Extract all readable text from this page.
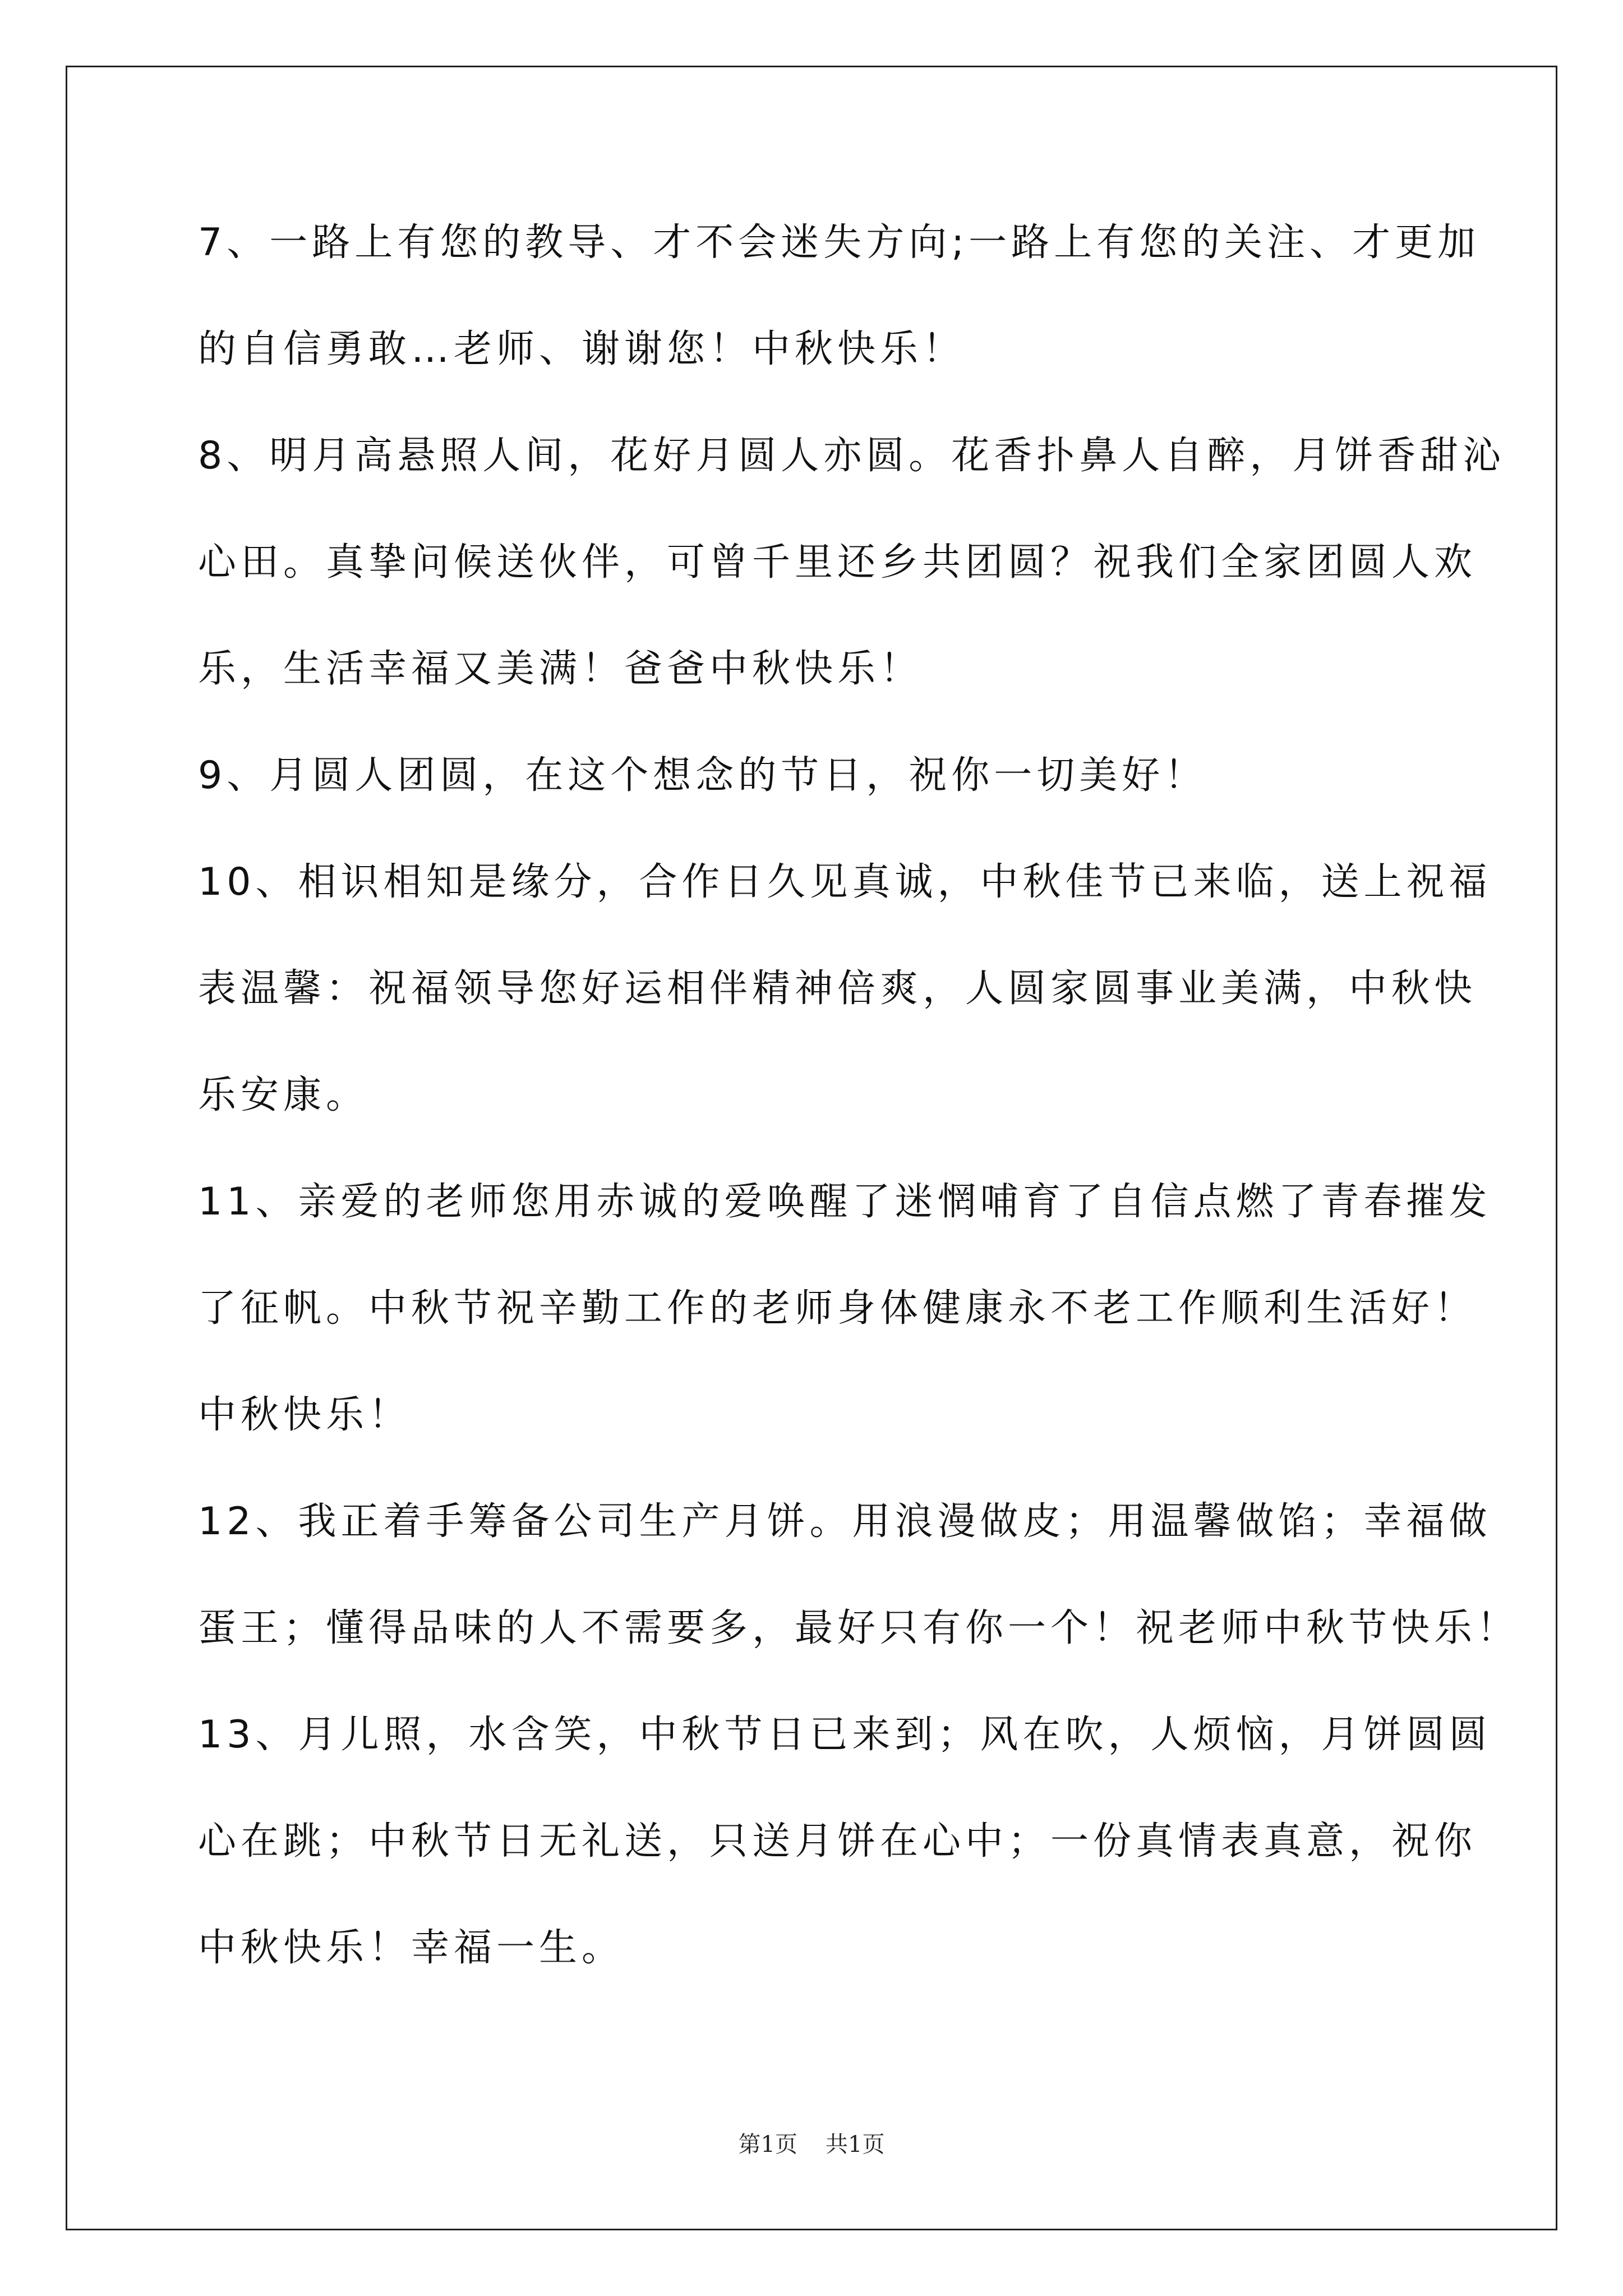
7、一路上有您的教导、才不会迷失方向;一路上有您的关注、才更加
的自信勇敢…老师、谢谢您！中秋快乐！
8、明月高悬照人间，花好月圆人亦圆。花香扑鼻人自醉，月饼香甜沁
心田。真挚问候送伙伴，可曾千里还乡共团圆？祝我们全家团圆人欢
乐，生活幸福又美满！爸爸中秋快乐！
9、月圆人团圆，在这个想念的节日，祝你一切美好！
10、相识相知是缘分，合作日久见真诚，中秋佳节已来临，送上祝福
表温馨：祝福领导您好运相伴精神倍爽，人圆家圆事业美满，中秋快
乐安康。
11、亲爱的老师您用赤诚的爱唤醒了迷惘哺育了自信点燃了青春摧发
了征帆。中秋节祝辛勤工作的老师身体健康永不老工作顺利生活好！
中秋快乐！
12、我正着手筹备公司生产月饼。用浪漫做皮；用温馨做馅；幸福做
蛋王；懂得品味的人不需要多，最好只有你一个！祝老师中秋节快乐！
13、月儿照，水含笑，中秋节日已来到；风在吹，人烦恼，月饼圆圆
心在跳；中秋节日无礼送，只送月饼在心中；一份真情表真意，祝你
中秋快乐！幸福一生。
第1页 共1页
